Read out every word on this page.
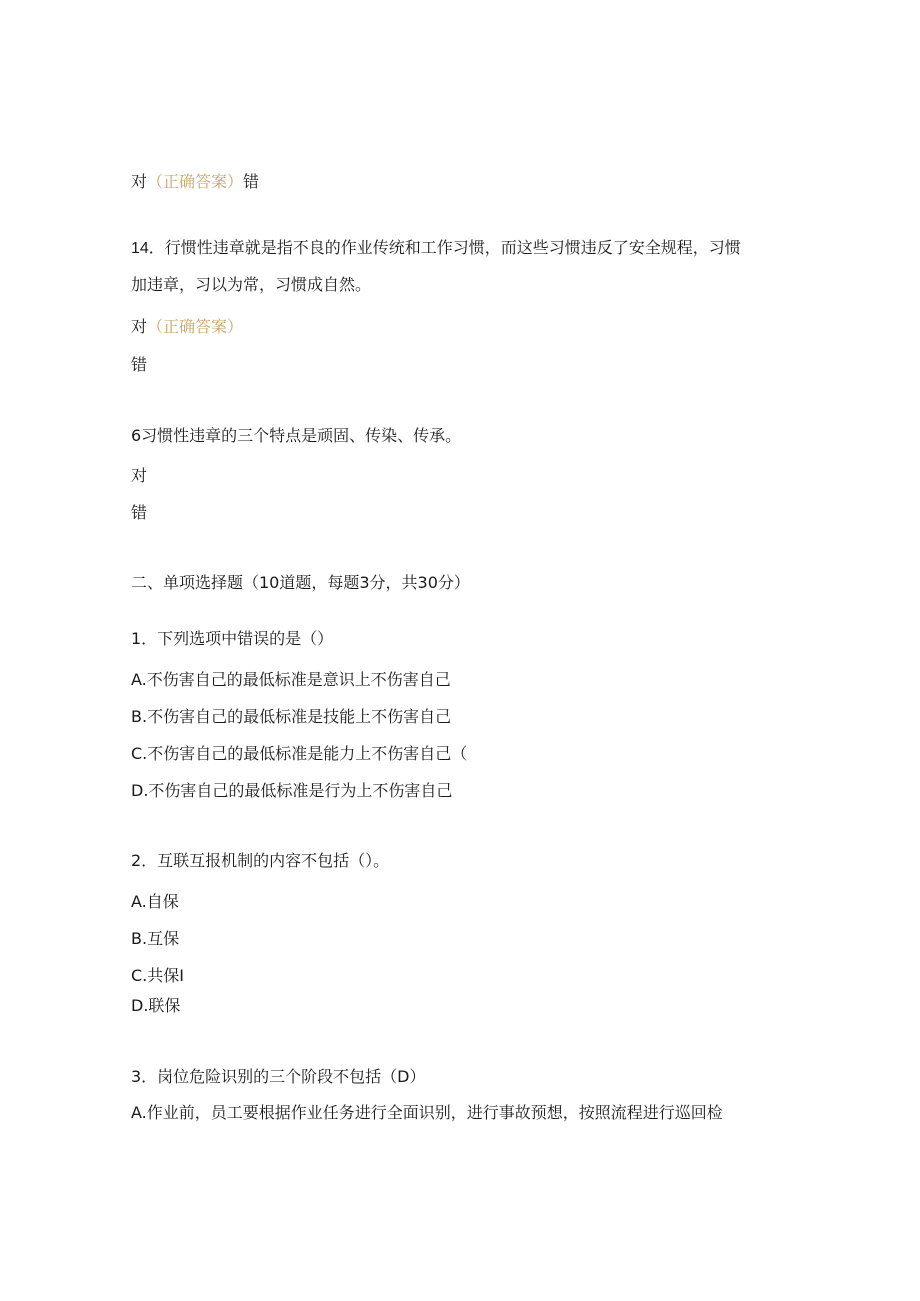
对（正确答案）错
14．行惯性违章就是指不良的作业传统和工作习惯，而这些习惯违反了安全规程，习惯
加违章，习以为常，习惯成自然。
对（正确答案）
错
6习惯性违章的三个特点是顽固、传染、传承。
对
错
二、单项选择题（10道题，每题3分，共30分）
1．下列选项中错误的是（）
A.不伤害自己的最低标准是意识上不伤害自己
B.不伤害自己的最低标准是技能上不伤害自己
C.不伤害自己的最低标准是能力上不伤害自己（
D.不伤害自己的最低标准是行为上不伤害自己
2．互联互报机制的内容不包括（）。
A.自保
B.互保
C.共保I
D.联保
3．岗位危险识别的三个阶段不包括（D）
A.作业前，员工要根据作业任务进行全面识别，进行事故预想，按照流程进行巡回检
